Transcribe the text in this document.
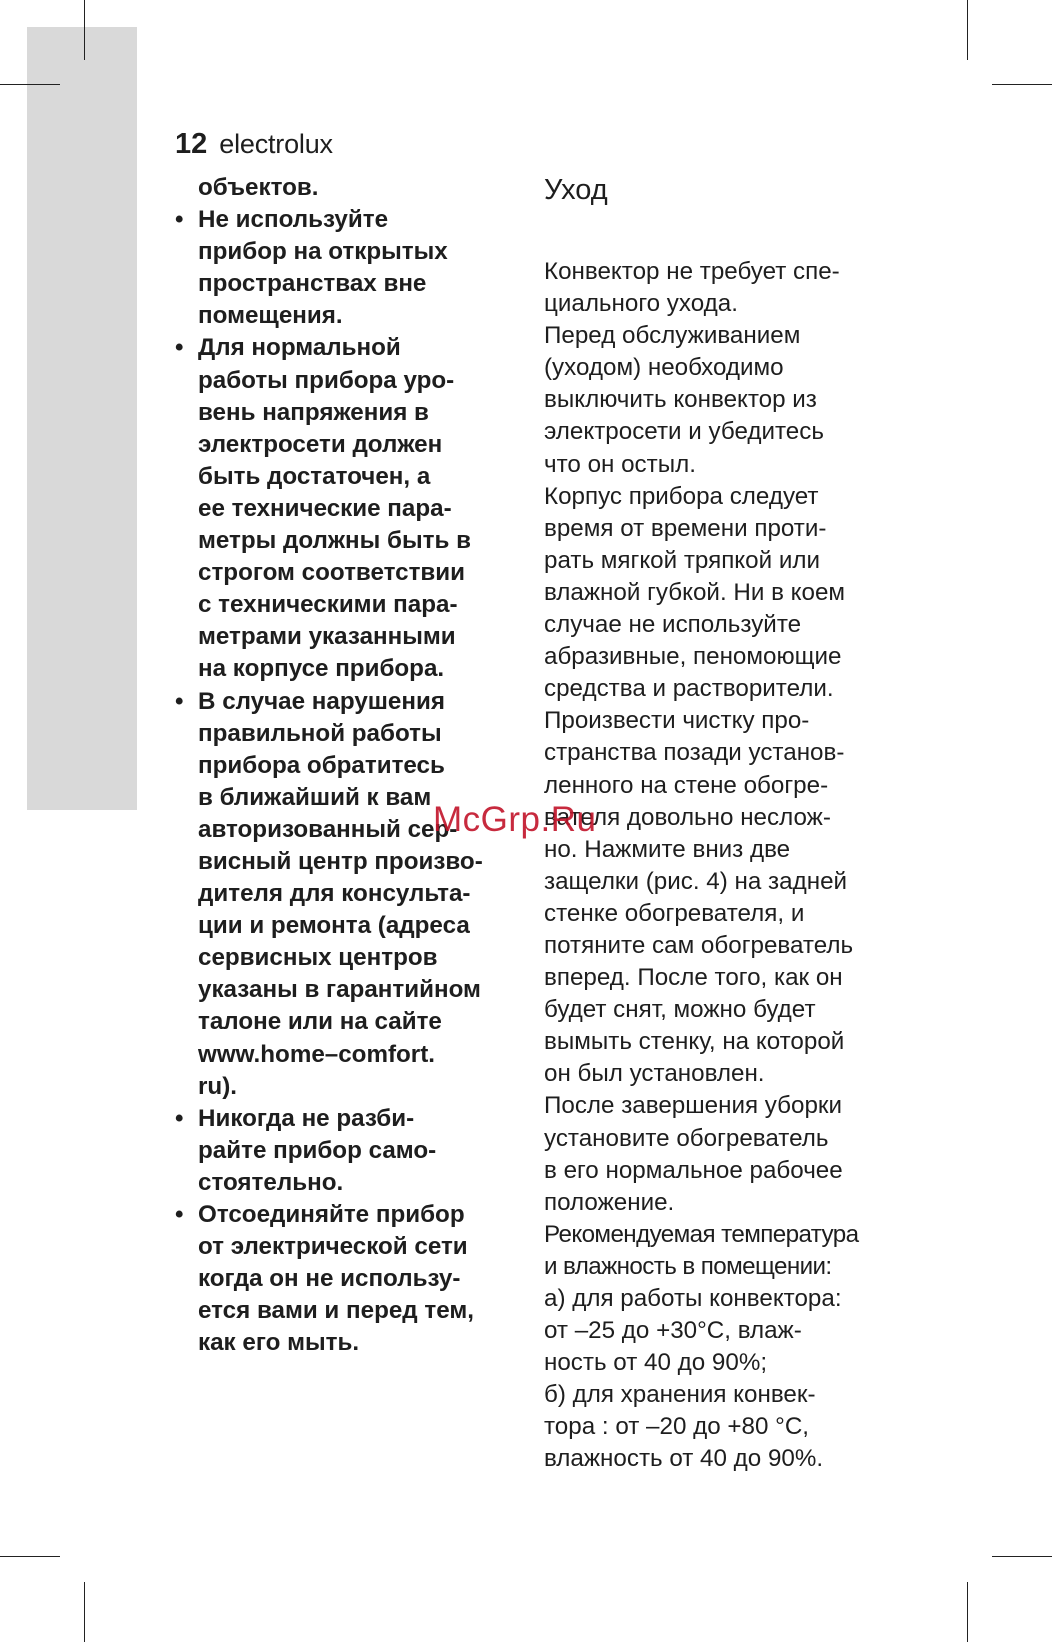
12 electrolux
объектов.
• Не используйте
прибор на открытых
пространствах вне
помещения.
• Для нормальной
работы прибора уро-
вень напряжения в
электросети должен
быть достаточен, а
ее технические пара-
метры должны быть в
строгом соответствии
с техническими пара-
метрами указанными
на корпусе прибора.
• В случае нарушения
правильной работы
прибора обратитесь
в ближайший к вам
авторизованный сер-
висный центр произво-
дителя для консульта-
ции и ремонта (адреса
сервисных центров
указаны в гарантийном
талоне или на сайте
www.home–comfort.
ru).
• Никогда не разби-
райте прибор само-
стоятельно.
• Отсоединяйте прибор
от электрической сети
когда он не использу-
ется вами и перед тем,
как его мыть.
Уход
Конвектор не требует спе-
циального ухода.
Перед обслуживанием
(уходом) необходимо
выключить конвектор из
электросети и убедитесь
что он остыл.
Корпус прибора следует
время от времени проти-
рать мягкой тряпкой или
влажной губкой. Ни в коем
случае не используйте
абразивные, пеномоющие
средства и растворители.
Произвести чистку про-
странства позади установ-
ленного на стене обогре-
вателя довольно неслож-
но. Нажмите вниз две
защелки (рис. 4) на задней
стенке обогревателя, и
потяните сам обогреватель
вперед. После того, как он
будет снят, можно будет
вымыть стенку, на которой
он был установлен.
После завершения уборки
установите обогреватель
в его нормальное рабочее
положение.
Рекомендуемая температура
и влажность в помещении:
а) для работы конвектора:
от –25 до +30°C, влаж-
ность от 40 до 90%;
б) для хранения конвек-
тора : от –20 до +80 °C,
влажность от 40 до 90%.
McGrp.Ru
